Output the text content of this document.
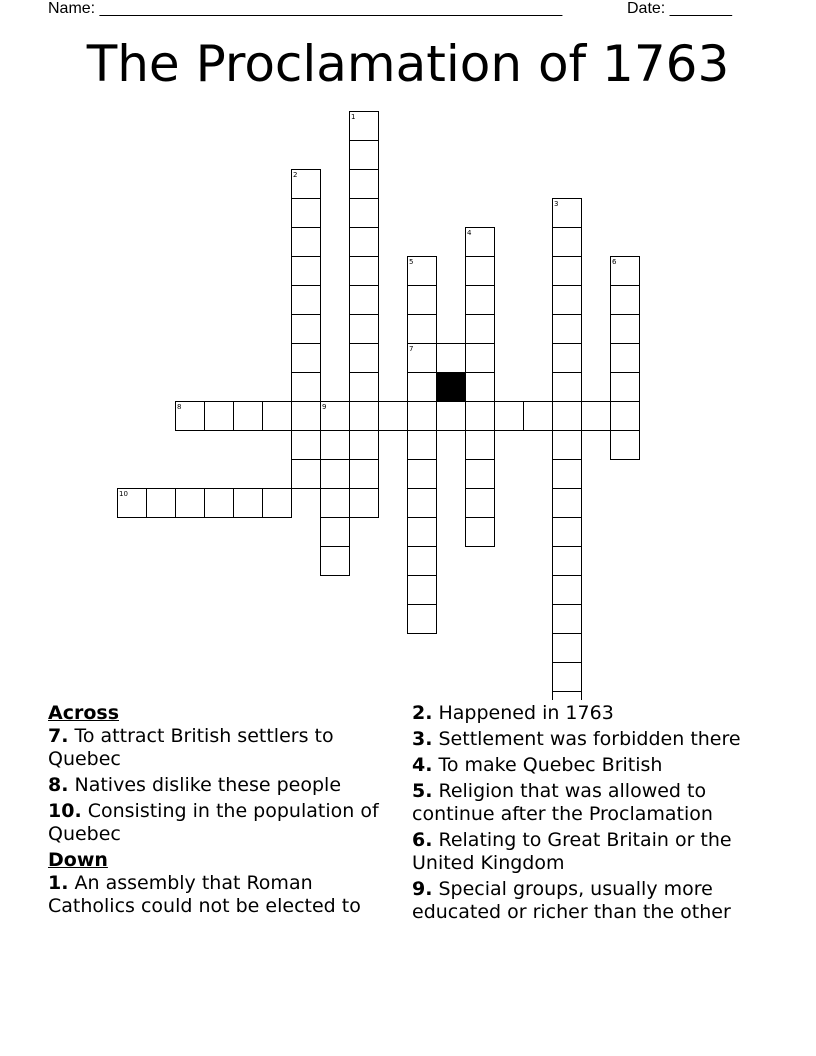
Name: ____________________________________________________	Date: _______
The Proclamation of 1763
1
2
3
4
5
7
6
8	9
10

Across

7. To attract British settlers to Quebec

8. Natives dislike these people

10. Consisting in the population of Quebec

Down

1. An assembly that Roman Catholics could not be elected to

2. Happened in 1763

3. Settlement was forbidden there

4. To make Quebec British

5. Religion that was allowed to continue after the Proclamation

6. Relating to Great Britain or the United Kingdom

9. Special groups, usually more educated or richer than the other
